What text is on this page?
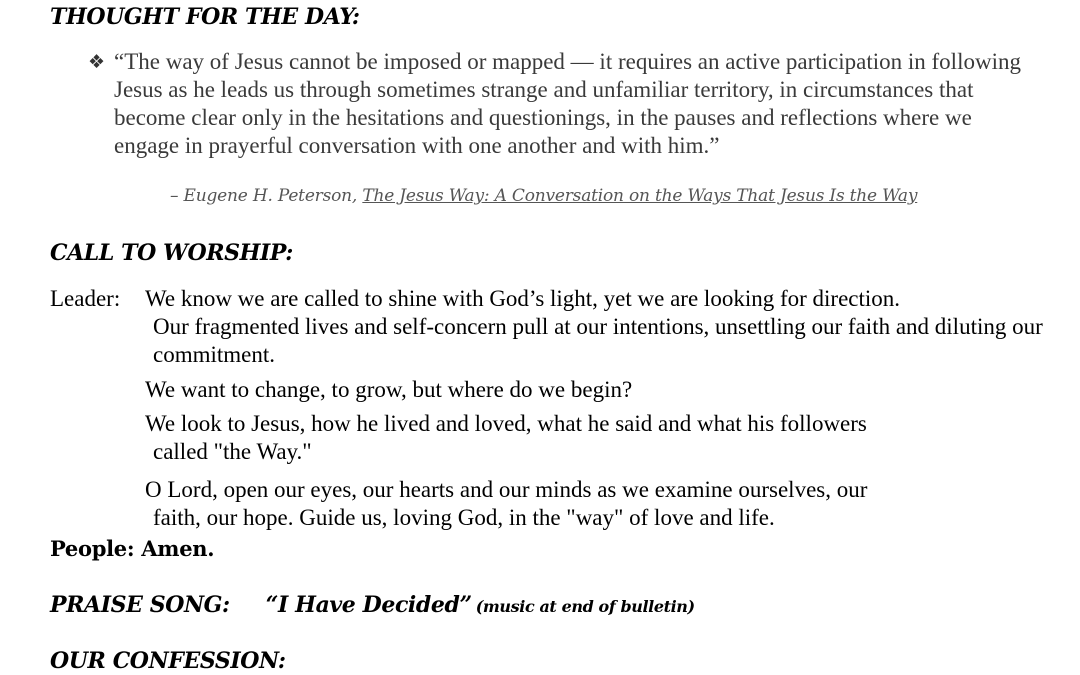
THOUGHT FOR THE DAY:
❖ “The way of Jesus cannot be imposed or mapped — it requires an active participation in following Jesus as he leads us through sometimes strange and unfamiliar territory, in circumstances that become clear only in the hesitations and questionings, in the pauses and reflections where we engage in prayerful conversation with one another and with him.”
– Eugene H. Peterson, The Jesus Way: A Conversation on the Ways That Jesus Is the Way
CALL TO WORSHIP:
Leader: We know we are called to shine with God’s light, yet we are looking for direction.
Our fragmented lives and self-concern pull at our intentions, unsettling our faith and diluting our commitment.
We want to change, to grow, but where do we begin?
We look to Jesus, how he lived and loved, what he said and what his followers
called "the Way."
O Lord, open our eyes, our hearts and our minds as we examine ourselves, our
faith, our hope. Guide us, loving God, in the "way" of love and life.
People: Amen.
PRAISE SONG: “I Have Decided” (music at end of bulletin)
OUR CONFESSION:
